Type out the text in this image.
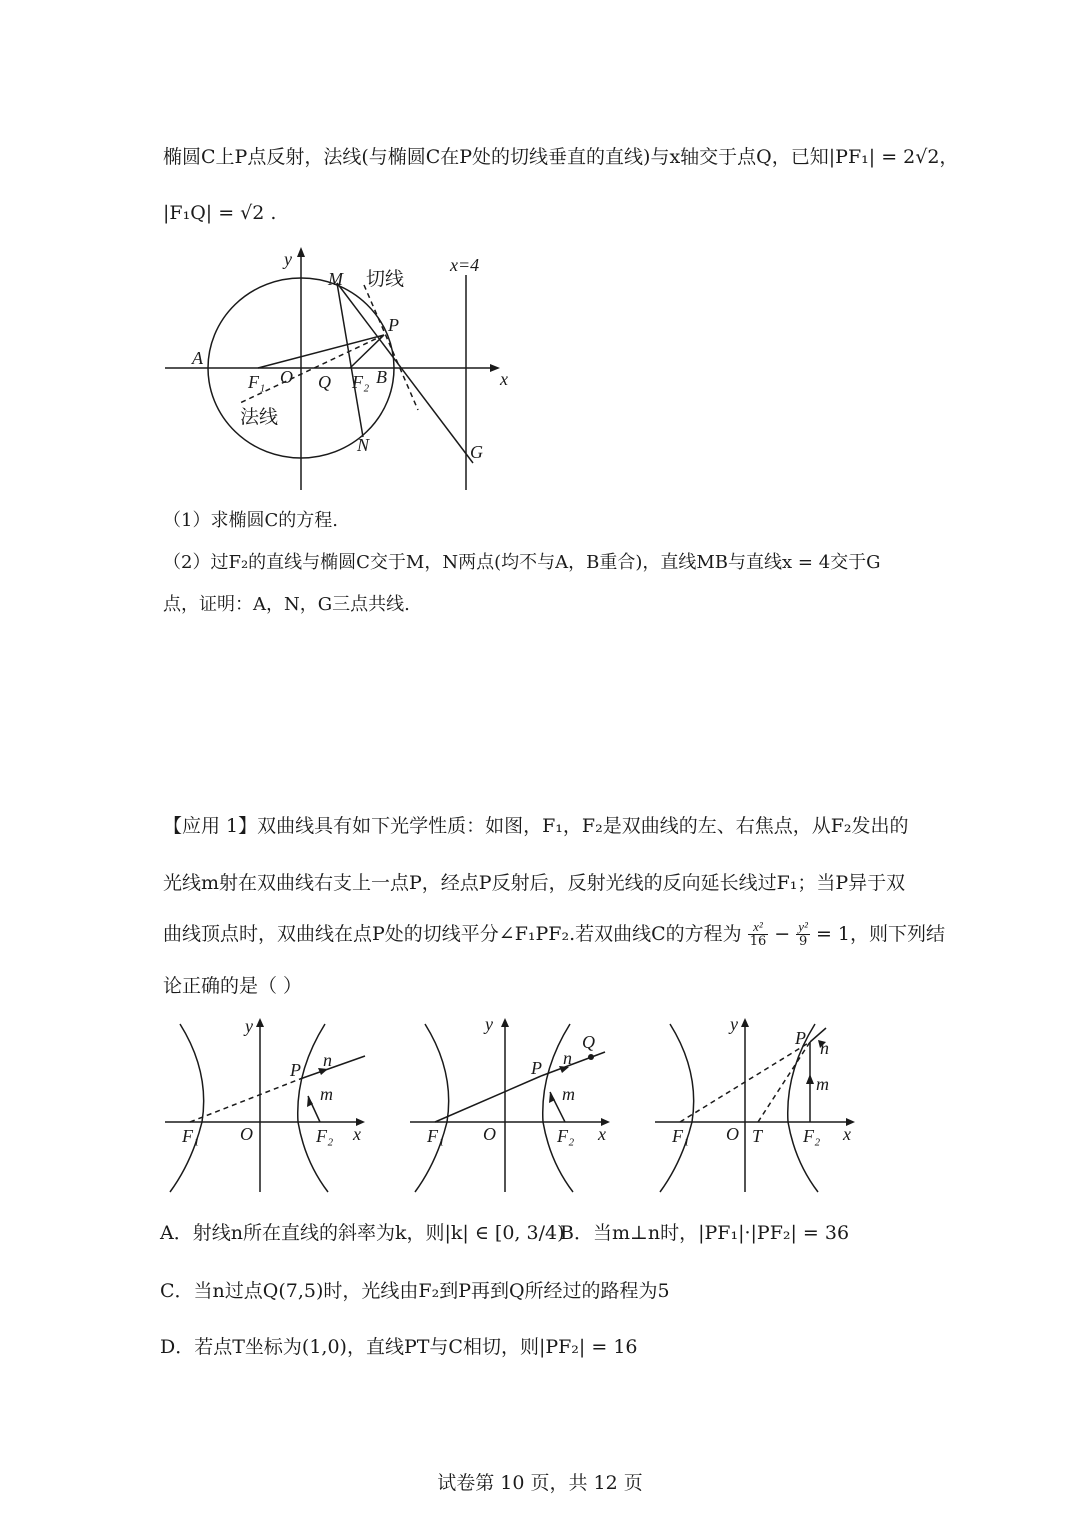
椭圆C上P点反射，法线(与椭圆C在P处的切线垂直的直线)与x轴交于点Q，已知|PF₁| = 2√2，
|F₁Q| = √2 .
y
x
x=4
M
P
A
F₁ O Q F₂ B
N	G
切线
法线
（1）求椭圆C的方程.
（2）过F₂的直线与椭圆C交于M，N两点(均不与A，B重合)，直线MB与直线x = 4交于G
点，证明：A，N，G三点共线.
【应用 1】双曲线具有如下光学性质：如图，F₁，F₂是双曲线的左、右焦点，从F₂发出的
光线m射在双曲线右支上一点P，经点P反射后，反射光线的反向延长线过F₁；当P异于双
曲线顶点时，双曲线在点P处的切线平分∠F₁PF₂.若双曲线C的方程为 $\frac{\text{x²}}{16} - \frac{\text{y²}}{9} = 1$，则下列结
论正确的是（ ）
y
x
O
F₁	F₂
P n
m
y
x
O
F₁	F₂
P n
Q
m
y
x
O
F₁	F₂
T
P n
m
A．射线n所在直线的斜率为k，则|k| ∈ [0, 3/4)
B．当m⊥n时，|PF₁|·|PF₂| = 36
C．当n过点Q(7,5)时，光线由F₂到P再到Q所经过的路程为5
D．若点T坐标为(1,0)，直线PT与C相切，则|PF₂| = 16
试卷第 10 页，共 12 页
